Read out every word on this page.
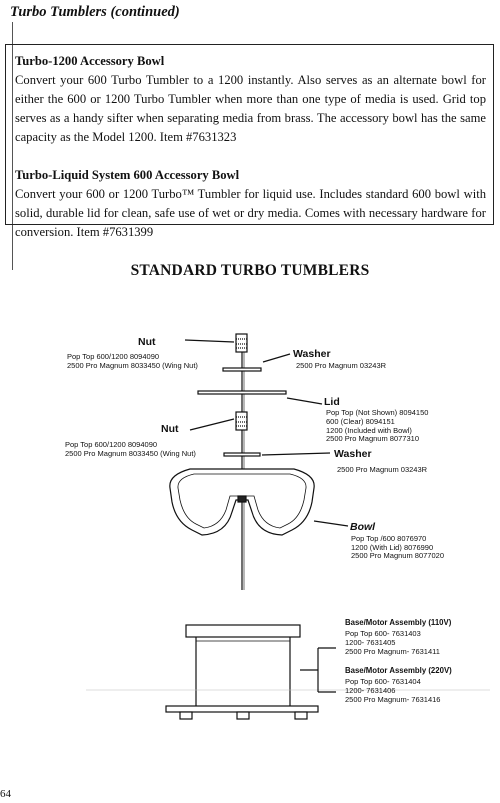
Turbo Tumblers (continued)
Turbo-1200 Accessory Bowl

Convert your 600 Turbo Tumbler to a 1200 instantly. Also serves as an alternate bowl for either the 600 or 1200 Turbo Tumbler when more than one type of media is used. Grid top serves as a handy sifter when separating media from brass. The accessory bowl has the same capacity as the Model 1200. Item #7631323

Turbo-Liquid System 600 Accessory Bowl

Convert your 600 or 1200 Turbo™ Tumbler for liquid use. Includes standard 600 bowl with solid, durable lid for clean, safe use of wet or dry media. Comes with necessary hardware for conversion. Item #7631399

STANDARD TURBO TUMBLERS
Nut
Pop Top 600/1200 8094090
2500 Pro Magnum 8033450 (Wing Nut)
Washer
2500 Pro Magnum 03243R
Lid
Pop Top (Not Shown) 8094150
600 (Clear) 8094151
1200 (Included with Bowl)
2500 Pro Magnum 8077310
Nut
Pop Top 600/1200 8094090
2500 Pro Magnum 8033450 (Wing Nut)	Washer
2500 Pro Magnum 03243R
Bowl
Pop Top /600 8076970
1200 (With Lid) 8076990
2500 Pro Magnum 8077020
Base/Motor Assembly (110V)
Pop Top 600- 7631403
1200- 7631405
2500 Pro Magnum- 7631411
Base/Motor Assembly (220V)
Pop Top 600- 7631404
1200- 7631406
2500 Pro Magnum- 7631416
64
